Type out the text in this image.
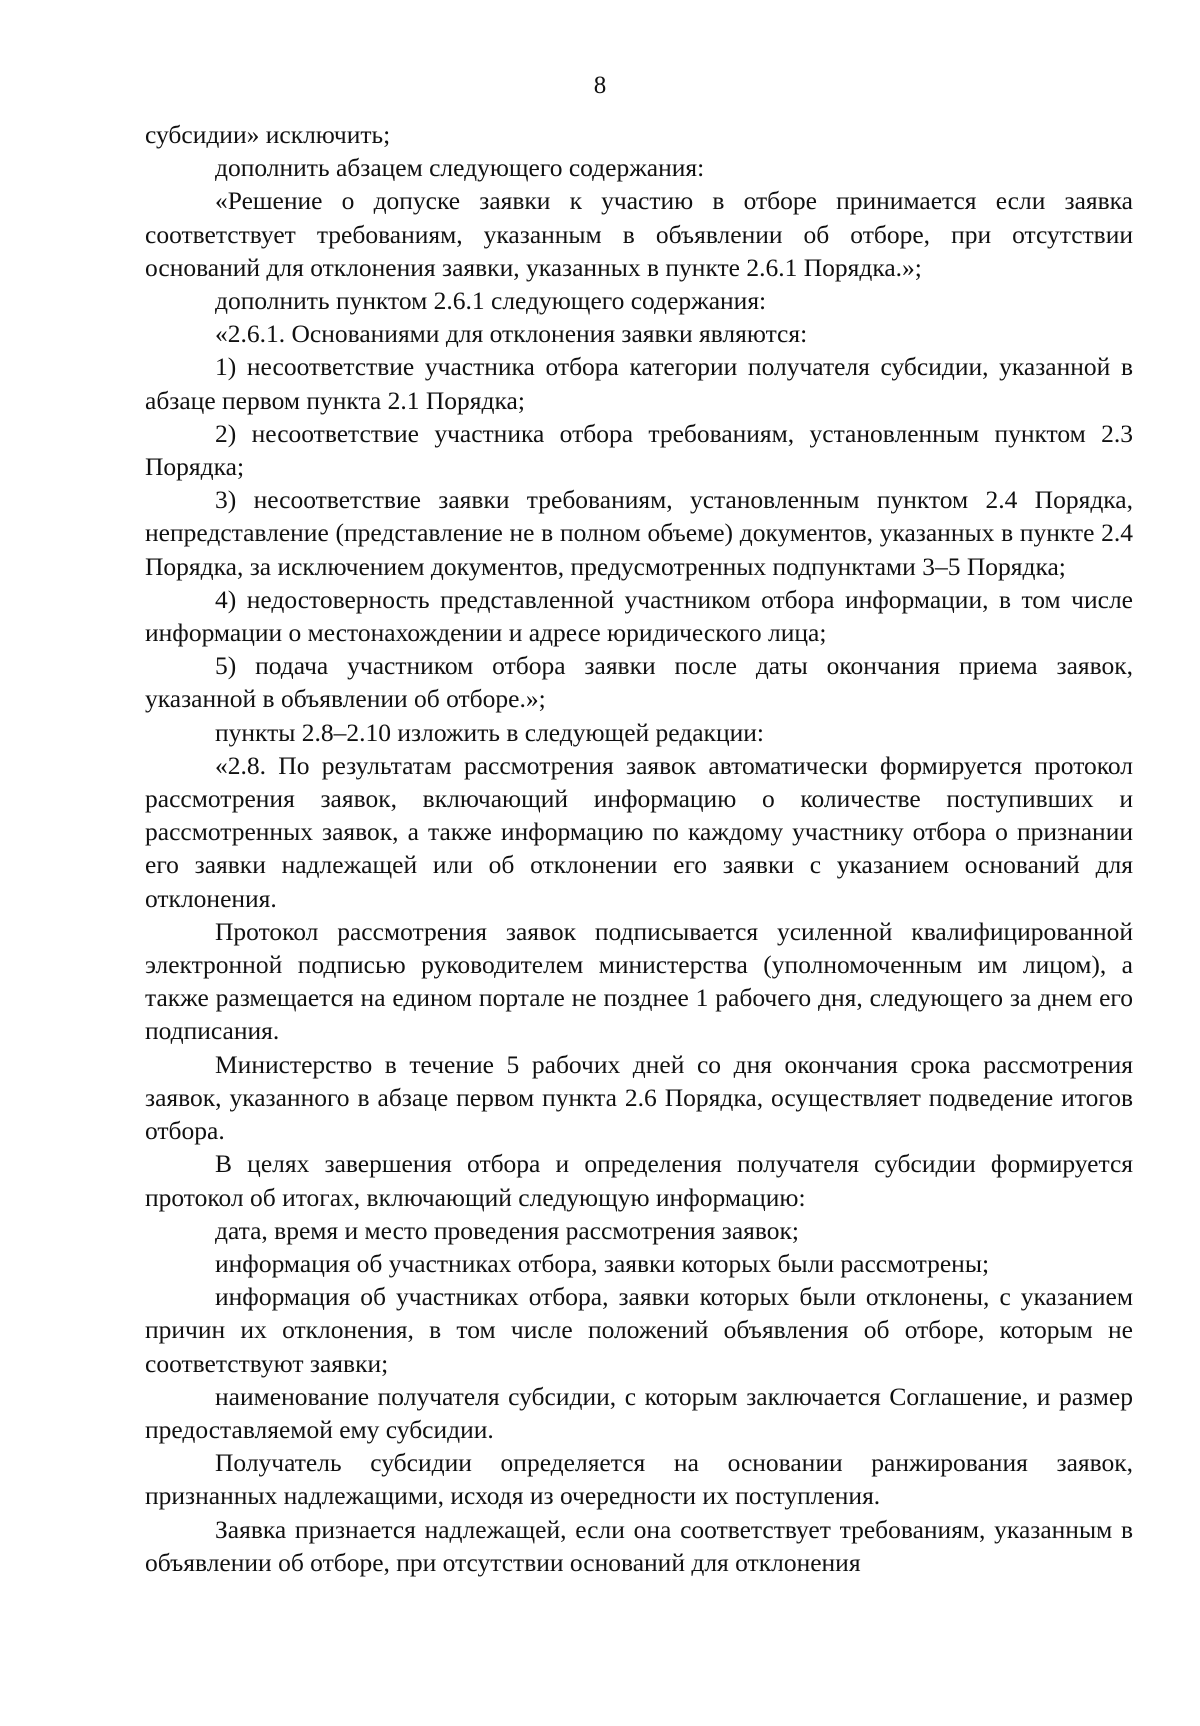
8

субсидии» исключить;

дополнить абзацем следующего содержания:

«Решение о допуске заявки к участию в отборе принимается если заявка соответствует требованиям, указанным в объявлении об отборе, при отсутствии оснований для отклонения заявки, указанных в пункте 2.6.1 Порядка.»;

дополнить пунктом 2.6.1 следующего содержания:

«2.6.1. Основаниями для отклонения заявки являются:

1) несоответствие участника отбора категории получателя субсидии, указанной в абзаце первом пункта 2.1 Порядка;

2) несоответствие участника отбора требованиям, установленным пунктом 2.3 Порядка;

3) несоответствие заявки требованиям, установленным пунктом 2.4 Порядка, непредставление (представление не в полном объеме) документов, указанных в пункте 2.4 Порядка, за исключением документов, предусмотренных подпунктами 3–5 Порядка;

4) недостоверность представленной участником отбора информации, в том числе информации о местонахождении и адресе юридического лица;

5) подача участником отбора заявки после даты окончания приема заявок, указанной в объявлении об отборе.»;

пункты 2.8–2.10 изложить в следующей редакции:

«2.8. По результатам рассмотрения заявок автоматически формируется протокол рассмотрения заявок, включающий информацию о количестве поступивших и рассмотренных заявок, а также информацию по каждому участнику отбора о признании его заявки надлежащей или об отклонении его заявки с указанием оснований для отклонения.

Протокол рассмотрения заявок подписывается усиленной квалифицированной электронной подписью руководителем министерства (уполномоченным им лицом), а также размещается на едином портале не позднее 1 рабочего дня, следующего за днем его подписания.

Министерство в течение 5 рабочих дней со дня окончания срока рассмотрения заявок, указанного в абзаце первом пункта 2.6 Порядка, осуществляет подведение итогов отбора.

В целях завершения отбора и определения получателя субсидии формируется протокол об итогах, включающий следующую информацию:

дата, время и место проведения рассмотрения заявок;

информация об участниках отбора, заявки которых были рассмотрены;

информация об участниках отбора, заявки которых были отклонены, с указанием причин их отклонения, в том числе положений объявления об отборе, которым не соответствуют заявки;

наименование получателя субсидии, с которым заключается Соглашение, и размер предоставляемой ему субсидии.

Получатель субсидии определяется на основании ранжирования заявок, признанных надлежащими, исходя из очередности их поступления.

Заявка признается надлежащей, если она соответствует требованиям, указанным в объявлении об отборе, при отсутствии оснований для отклонения
